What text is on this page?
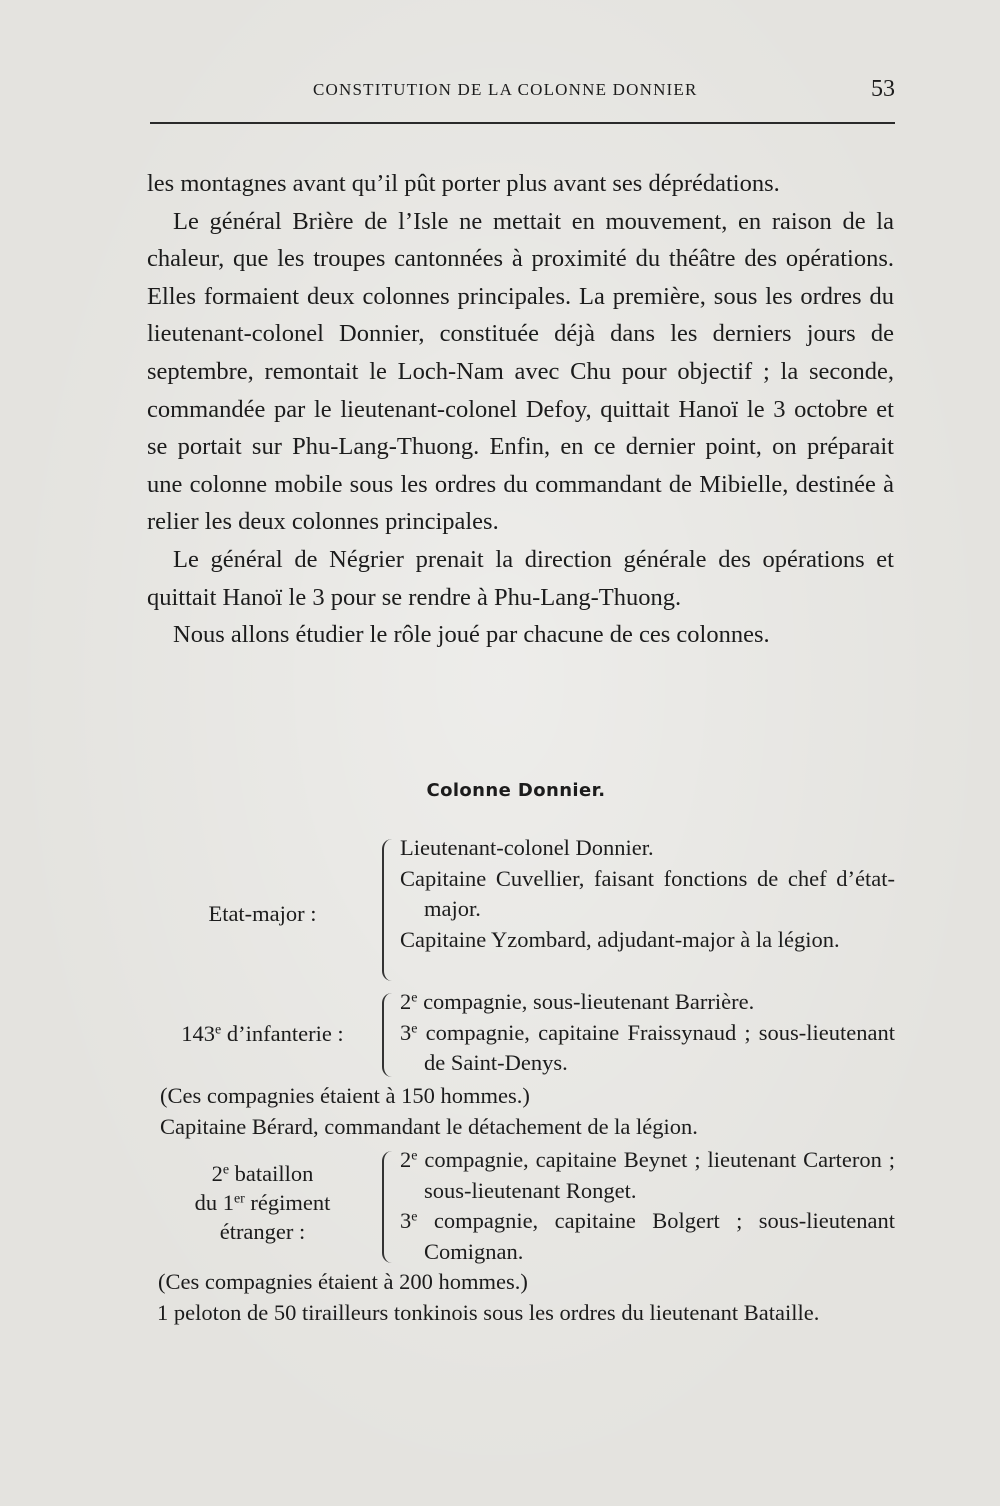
CONSTITUTION DE LA COLONNE DONNIER	53

les montagnes avant qu’il pût porter plus avant ses déprédations.

Le général Brière de l’Isle ne mettait en mouvement, en raison de la chaleur, que les troupes cantonnées à proximité du théâtre des opérations. Elles formaient deux colonnes principales. La première, sous les ordres du lieutenant-colonel Donnier, constituée déjà dans les derniers jours de septembre, remontait le Loch-Nam avec Chu pour objectif ; la seconde, commandée par le lieutenant-colonel Defoy, quittait Hanoï le 3 octobre et se portait sur Phu-Lang-Thuong. Enfin, en ce dernier point, on préparait une colonne mobile sous les ordres du commandant de Mibielle, destinée à relier les deux colonnes principales.

Le général de Négrier prenait la direction générale des opérations et quittait Hanoï le 3 pour se rendre à Phu-Lang-Thuong.

Nous allons étudier le rôle joué par chacune de ces colonnes.

Colonne Donnier.
Etat-major :

Lieutenant-colonel Donnier.

Capitaine Cuvellier, faisant fonctions de chef d’état-major.

Capitaine Yzombard, adjudant-major à la légion.

143e d’infanterie :

2e compagnie, sous-lieutenant Barrière.

3e compagnie, capitaine Fraissynaud ; sous-lieutenant de Saint-Denys.

(Ces compagnies étaient à 150 hommes.)
Capitaine Bérard, commandant le détachement de la légion.
2e bataillon
du 1er régiment
étranger :

2e compagnie, capitaine Beynet ; lieutenant Carteron ; sous-lieutenant Ronget.

3e compagnie, capitaine Bolgert ; sous-lieutenant Comignan.

(Ces compagnies étaient à 200 hommes.)
1 peloton de 50 tirailleurs tonkinois sous les ordres du lieutenant Bataille.
